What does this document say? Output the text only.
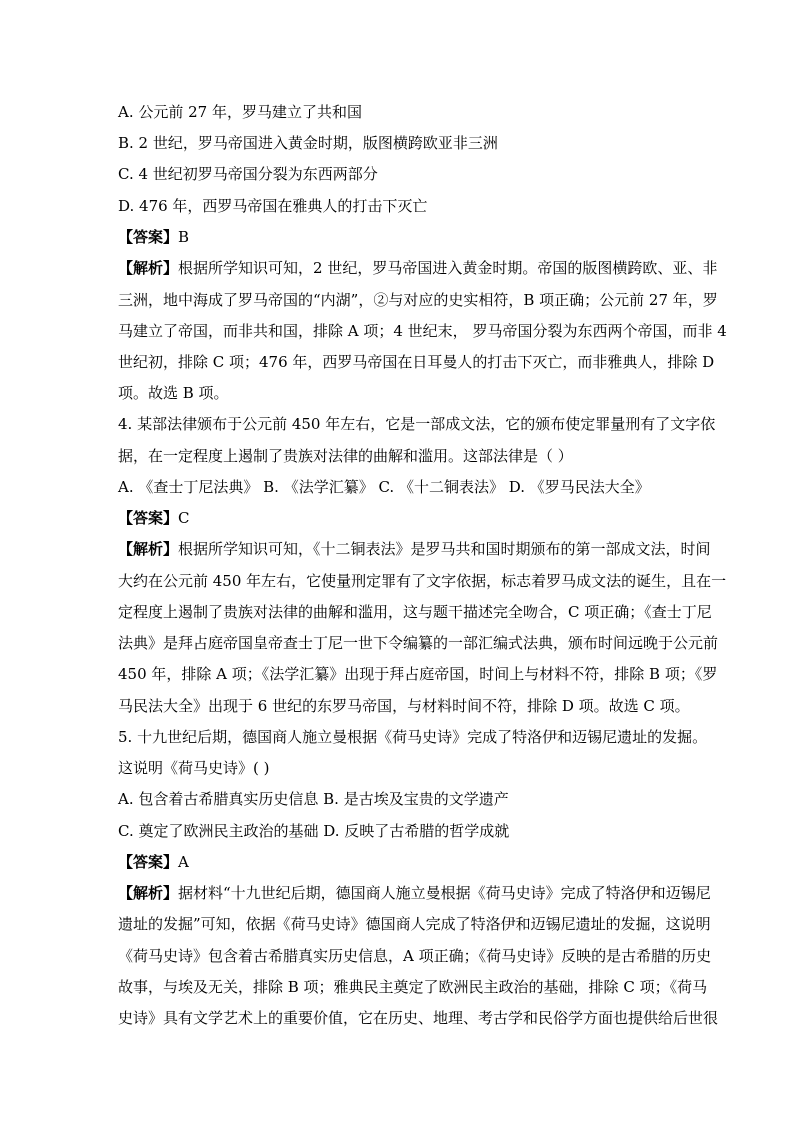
A. 公元前 27 年，罗马建立了共和国
B. 2 世纪，罗马帝国进入黄金时期，版图横跨欧亚非三洲
C. 4 世纪初罗马帝国分裂为东西两部分
D. 476 年，西罗马帝国在雅典人的打击下灭亡
【答案】B
【解析】根据所学知识可知，2 世纪，罗马帝国进入黄金时期。帝国的版图横跨欧、亚、非
三洲，地中海成了罗马帝国的“内湖”，②与对应的史实相符，B 项正确；公元前 27 年，罗
马建立了帝国，而非共和国，排除 A 项；4 世纪末， 罗马帝国分裂为东西两个帝国，而非 4
世纪初，排除 C 项；476 年，西罗马帝国在日耳曼人的打击下灭亡，而非雅典人，排除 D
项。故选 B 项。
4. 某部法律颁布于公元前 450 年左右，它是一部成文法，它的颁布使定罪量刑有了文字依
据，在一定程度上遏制了贵族对法律的曲解和滥用。这部法律是（ ）
A. 《查士丁尼法典》 B. 《法学汇纂》 C. 《十二铜表法》 D. 《罗马民法大全》
【答案】C
【解析】根据所学知识可知，《十二铜表法》是罗马共和国时期颁布的第一部成文法，时间
大约在公元前 450 年左右，它使量刑定罪有了文字依据，标志着罗马成文法的诞生，且在一
定程度上遏制了贵族对法律的曲解和滥用，这与题干描述完全吻合，C 项正确；《查士丁尼
法典》是拜占庭帝国皇帝查士丁尼一世下令编纂的一部汇编式法典，颁布时间远晚于公元前
450 年，排除 A 项；《法学汇纂》出现于拜占庭帝国，时间上与材料不符，排除 B 项；《罗
马民法大全》出现于 6 世纪的东罗马帝国，与材料时间不符，排除 D 项。故选 C 项。
5. 十九世纪后期，德国商人施立曼根据《荷马史诗》完成了特洛伊和迈锡尼遗址的发掘。
这说明《荷马史诗》( )
A. 包含着古希腊真实历史信息 B. 是古埃及宝贵的文学遗产
C. 奠定了欧洲民主政治的基础 D. 反映了古希腊的哲学成就
【答案】A
【解析】据材料“十九世纪后期，德国商人施立曼根据《荷马史诗》完成了特洛伊和迈锡尼
遗址的发掘”可知，依据《荷马史诗》德国商人完成了特洛伊和迈锡尼遗址的发掘，这说明
《荷马史诗》包含着古希腊真实历史信息，A 项正确；《荷马史诗》反映的是古希腊的历史
故事，与埃及无关，排除 B 项；雅典民主奠定了欧洲民主政治的基础，排除 C 项；《荷马
史诗》具有文学艺术上的重要价值，它在历史、地理、考古学和民俗学方面也提供给后世很
